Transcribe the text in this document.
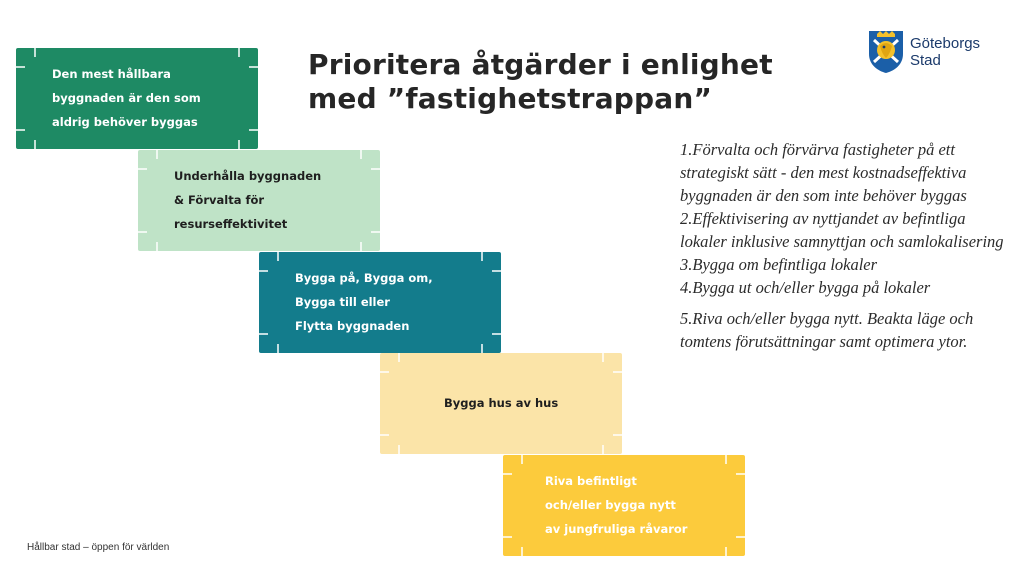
Göteborgs
Stad
Prioritera åtgärder i enlighet med ”fastighetstrappan”
Den mest hållbara
byggnaden är den som
aldrig behöver byggas
Underhålla byggnaden
& Förvalta för
resurseffektivitet
Bygga på, Bygga om,
Bygga till eller
Flytta byggnaden
Bygga hus av hus
Riva befintligt
och/eller bygga nytt
av jungfruliga råvaror

1.Förvalta och förvärva fastigheter på ett strategiskt sätt - den mest kostnadseffektiva byggnaden är den som inte behöver byggas

2.Effektivisering av nyttjandet av befintliga lokaler inklusive samnyttjan och samlokalisering

3.Bygga om befintliga lokaler

4.Bygga ut och/eller bygga på lokaler

5.Riva och/eller bygga nytt. Beakta läge och tomtens förutsättningar samt optimera ytor.

Hållbar stad – öppen för världen
